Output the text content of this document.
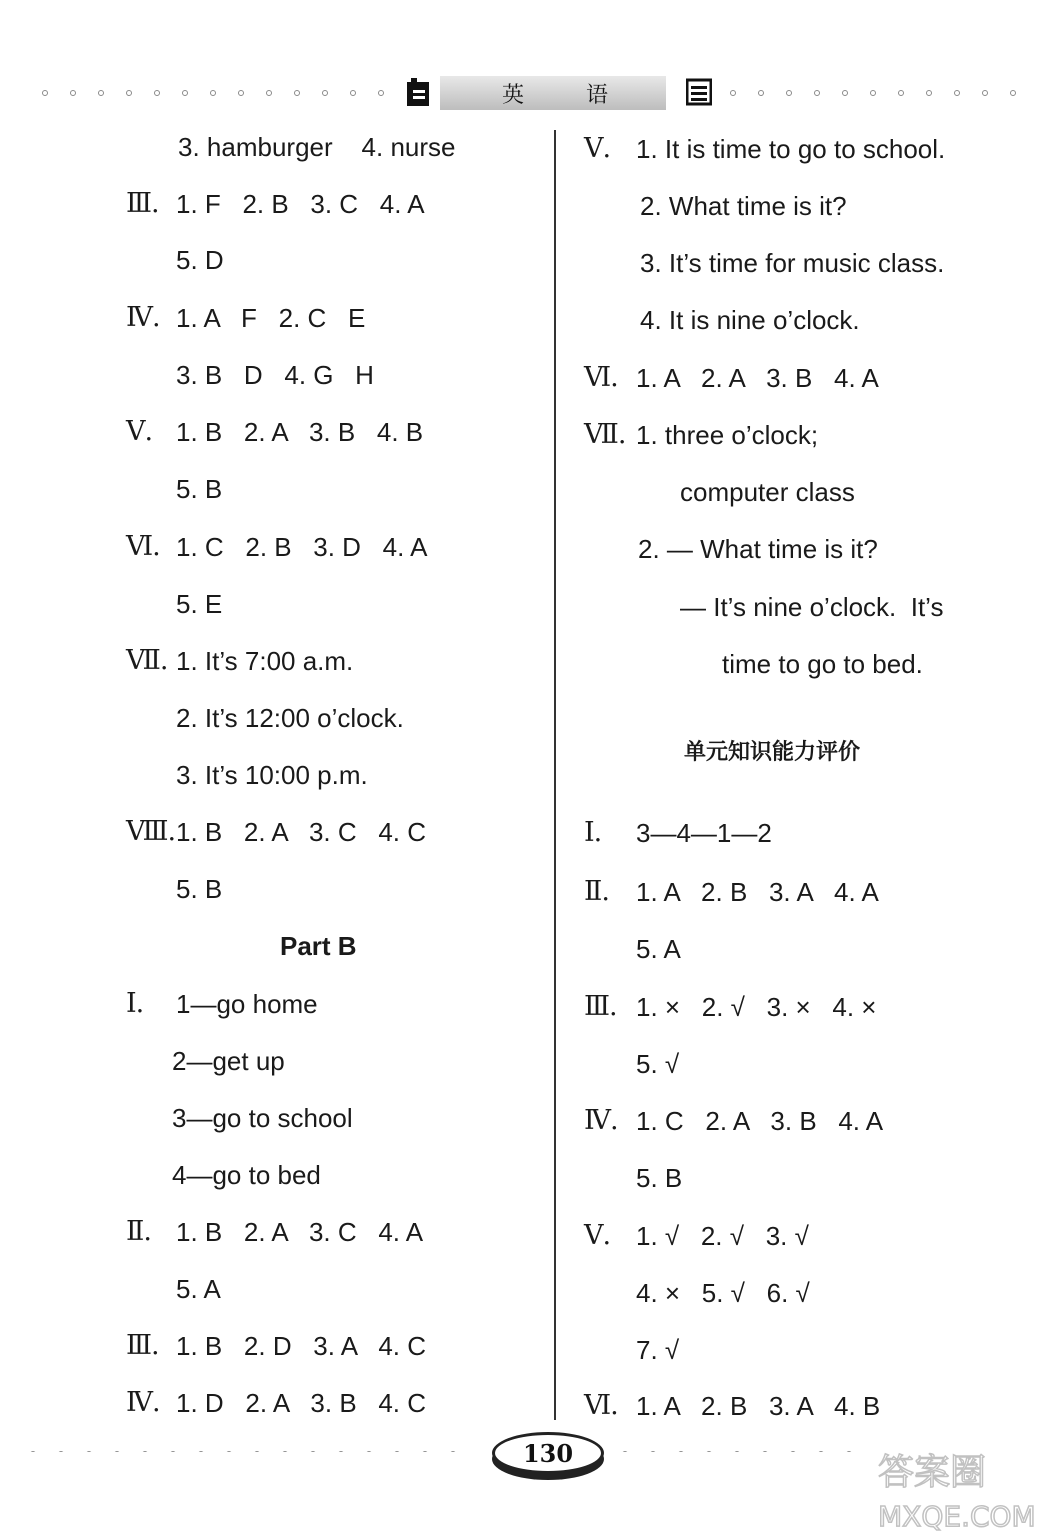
英	语
3. hamburger    4. nurse
Ⅲ. 1. F   2. B   3. C   4. A
5. D
Ⅳ. 1. A   F   2. C   E
3. B   D   4. G   H
Ⅴ. 1. B   2. A   3. B   4. B
5. B
Ⅵ. 1. C   2. B   3. D   4. A
5. E
Ⅶ. 1. It’s 7:00 a.m.
2. It’s 12:00 o’clock.
3. It’s 10:00 p.m.
Ⅷ. 1. B   2. A   3. C   4. C
5. B
Part B
Ⅰ. 1—go home
2—get up
3—go to school
4—go to bed
Ⅱ. 1. B   2. A   3. C   4. A
5. A
Ⅲ. 1. B   2. D   3. A   4. C
Ⅳ. 1. D   2. A   3. B   4. C
Ⅴ. 1. It is time to go to school.
2. What time is it?
3. It’s time for music class.
4. It is nine o’clock.
Ⅵ. 1. A   2. A   3. B   4. A
Ⅶ. 1. three o’clock;
computer class
2. — What time is it?
— It’s nine o’clock.  It’s
time to go to bed.
单元知识能力评价
Ⅰ. 3—4—1—2
Ⅱ. 1. A   2. B   3. A   4. A
5. A
Ⅲ. 1. ×   2. √   3. ×   4. ×
5. √
Ⅳ. 1. C   2. A   3. B   4. A
5. B
Ⅴ. 1. √   2. √   3. √
4. ×   5. √   6. √
7. √
Ⅵ. 1. A   2. B   3. A   4. B
130	答案圈
MXQE.COM
